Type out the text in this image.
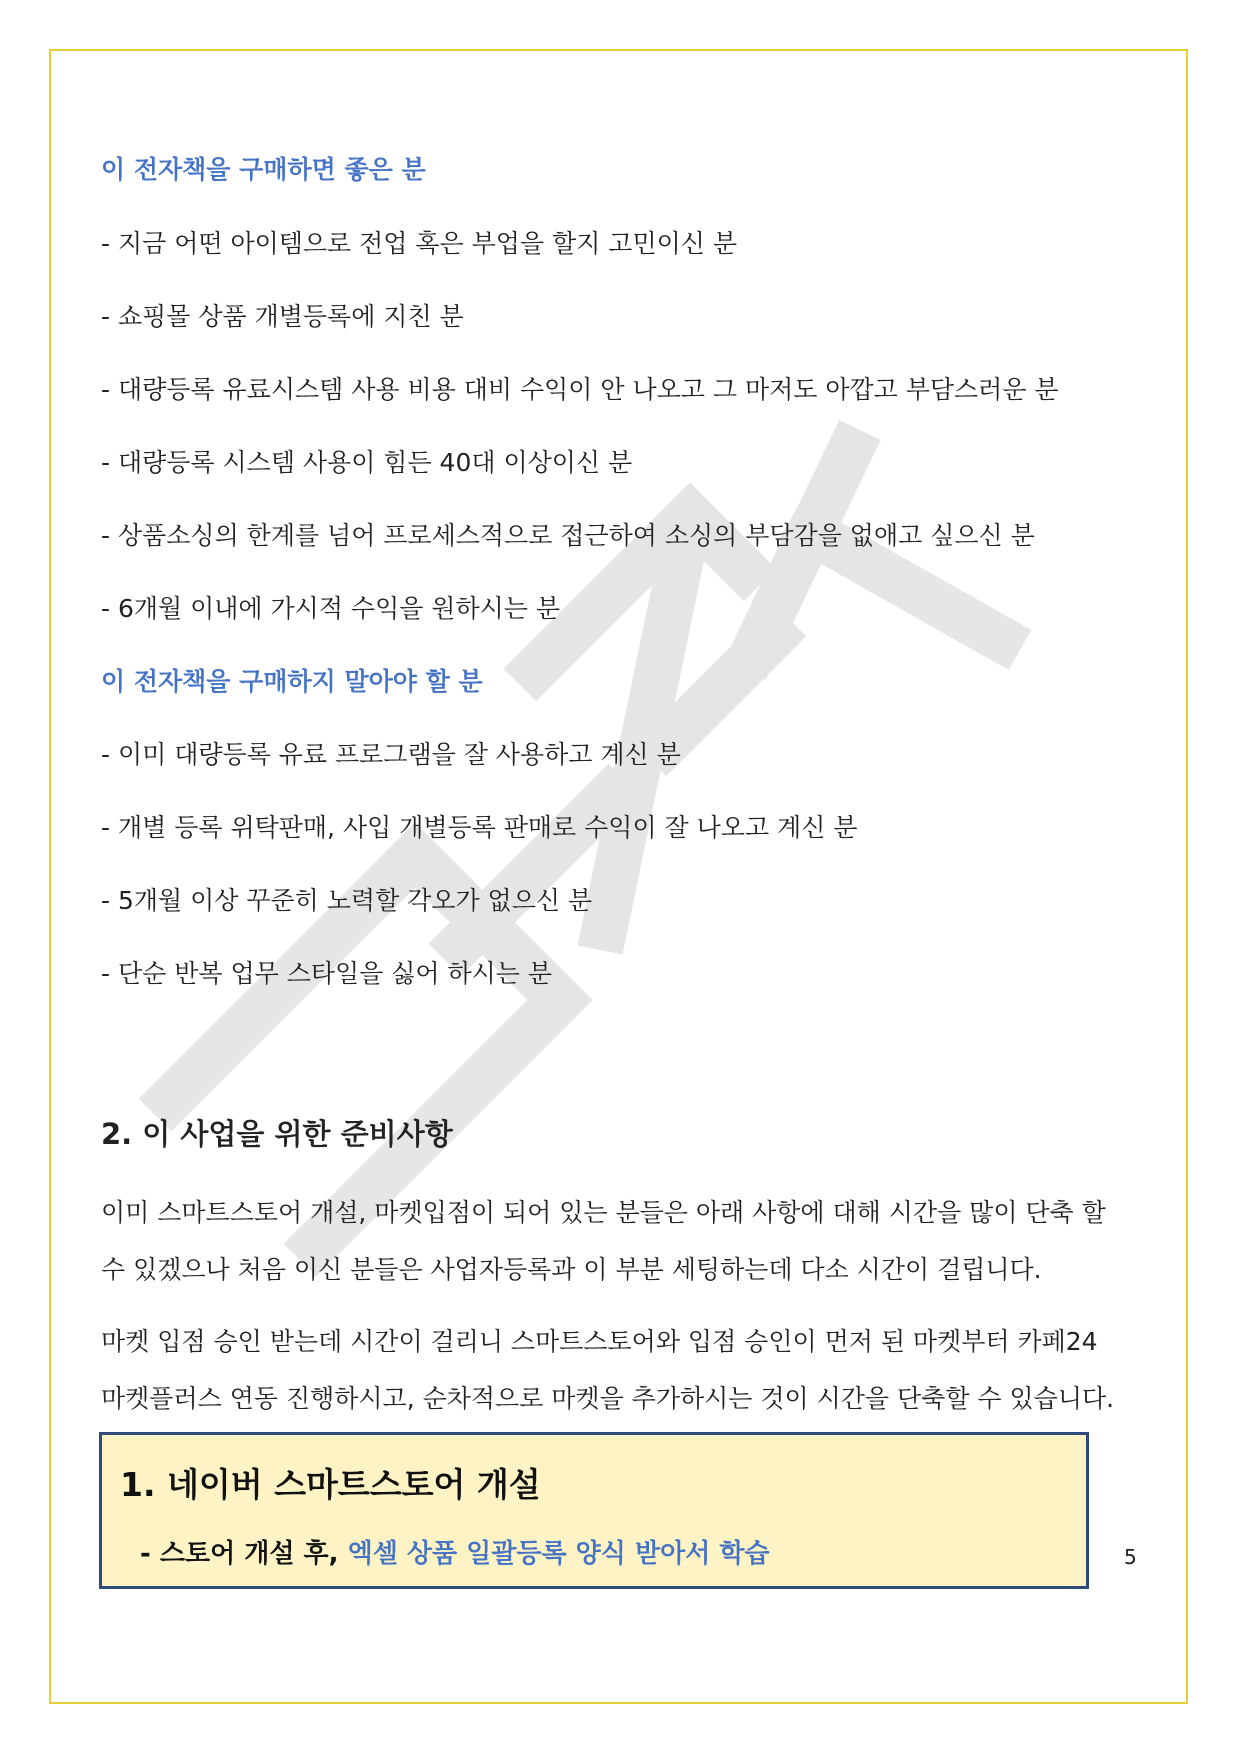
이 전자책을 구매하면 좋은 분

- 지금 어떤 아이템으로 전업 혹은 부업을 할지 고민이신 분

- 쇼핑몰 상품 개별등록에 지친 분

- 대량등록 유료시스템 사용 비용 대비 수익이 안 나오고 그 마저도 아깝고 부담스러운 분

- 대량등록 시스템 사용이 힘든 40대 이상이신 분

- 상품소싱의 한계를 넘어 프로세스적으로 접근하여 소싱의 부담감을 없애고 싶으신 분

- 6개월 이내에 가시적 수익을 원하시는 분

이 전자책을 구매하지 말아야 할 분

- 이미 대량등록 유료 프로그램을 잘 사용하고 계신 분

- 개별 등록 위탁판매, 사입 개별등록 판매로 수익이 잘 나오고 계신 분

- 5개월 이상 꾸준히 노력할 각오가 없으신 분

- 단순 반복 업무 스타일을 싫어 하시는 분

2. 이 사업을 위한 준비사항

이미 스마트스토어 개설, 마켓입점이 되어 있는 분들은 아래 사항에 대해 시간을 많이 단축 할

수 있겠으나 처음 이신 분들은 사업자등록과 이 부분 세팅하는데 다소 시간이 걸립니다.

마켓 입점 승인 받는데 시간이 걸리니 스마트스토어와 입점 승인이 먼저 된 마켓부터 카페24

마켓플러스 연동 진행하시고, 순차적으로 마켓을 추가하시는 것이 시간을 단축할 수 있습니다.

1. 네이버 스마트스토어 개설

- 스토어 개설 후, 엑셀 상품 일괄등록 양식 받아서 학습	5
